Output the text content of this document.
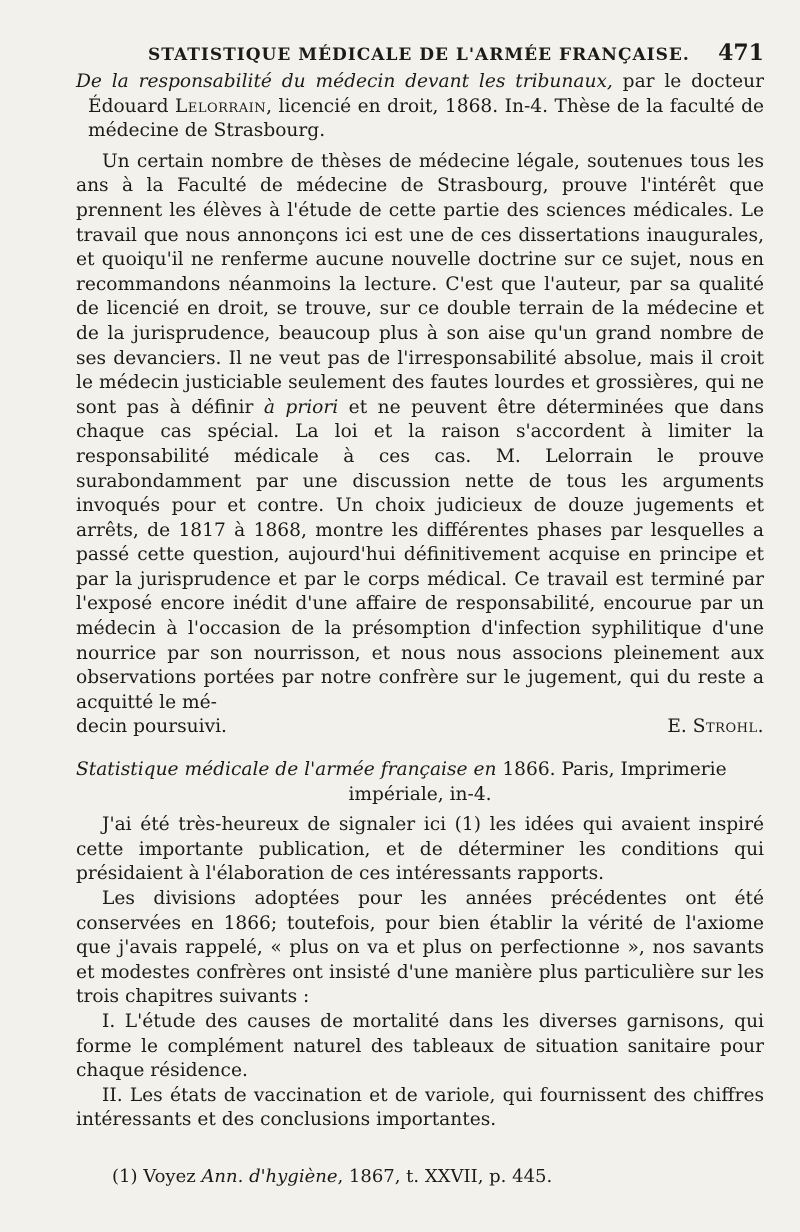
STATISTIQUE MÉDICALE DE L'ARMÉE FRANÇAISE. 471

De la responsabilité du médecin devant les tribunaux, par le docteur Édouard Lelorrain, licencié en droit, 1868. In-4. Thèse de la faculté de médecine de Strasbourg.

Un certain nombre de thèses de médecine légale, soutenues tous les ans à la Faculté de médecine de Strasbourg, prouve l'intérêt que prennent les élèves à l'étude de cette partie des sciences médicales. Le travail que nous annonçons ici est une de ces dissertations inaugurales, et quoiqu'il ne renferme aucune nouvelle doctrine sur ce sujet, nous en recommandons néanmoins la lecture. C'est que l'auteur, par sa qualité de licencié en droit, se trouve, sur ce double terrain de la médecine et de la jurisprudence, beaucoup plus à son aise qu'un grand nombre de ses devanciers. Il ne veut pas de l'irresponsabilité absolue, mais il croit le médecin justiciable seulement des fautes lourdes et grossières, qui ne sont pas à définir à priori et ne peuvent être déterminées que dans chaque cas spécial. La loi et la raison s'accordent à limiter la responsabilité médicale à ces cas. M. Lelorrain le prouve surabondamment par une discussion nette de tous les arguments invoqués pour et contre. Un choix judicieux de douze jugements et arrêts, de 1817 à 1868, montre les différentes phases par lesquelles a passé cette question, aujourd'hui définitivement acquise en principe et par la jurisprudence et par le corps médical. Ce travail est terminé par l'exposé encore inédit d'une affaire de responsabilité, encourue par un médecin à l'occasion de la présomption d'infection syphilitique d'une nourrice par son nourrisson, et nous nous associons pleinement aux observations portées par notre confrère sur le jugement, qui du reste a acquitté le mé-

decin poursuivi.	E. Strohl.

Statistique médicale de l'armée française en 1866. Paris, Imprimerie

impériale, in-4.

J'ai été très-heureux de signaler ici (1) les idées qui avaient inspiré cette importante publication, et de déterminer les conditions qui présidaient à l'élaboration de ces intéressants rapports.

Les divisions adoptées pour les années précédentes ont été conservées en 1866; toutefois, pour bien établir la vérité de l'axiome que j'avais rappelé, « plus on va et plus on perfectionne », nos savants et modestes confrères ont insisté d'une manière plus particulière sur les trois chapitres suivants :

I. L'étude des causes de mortalité dans les diverses garnisons, qui forme le complément naturel des tableaux de situation sanitaire pour chaque résidence.

II. Les états de vaccination et de variole, qui fournissent des chiffres intéressants et des conclusions importantes.

(1) Voyez Ann. d'hygiène, 1867, t. XXVII, p. 445.
